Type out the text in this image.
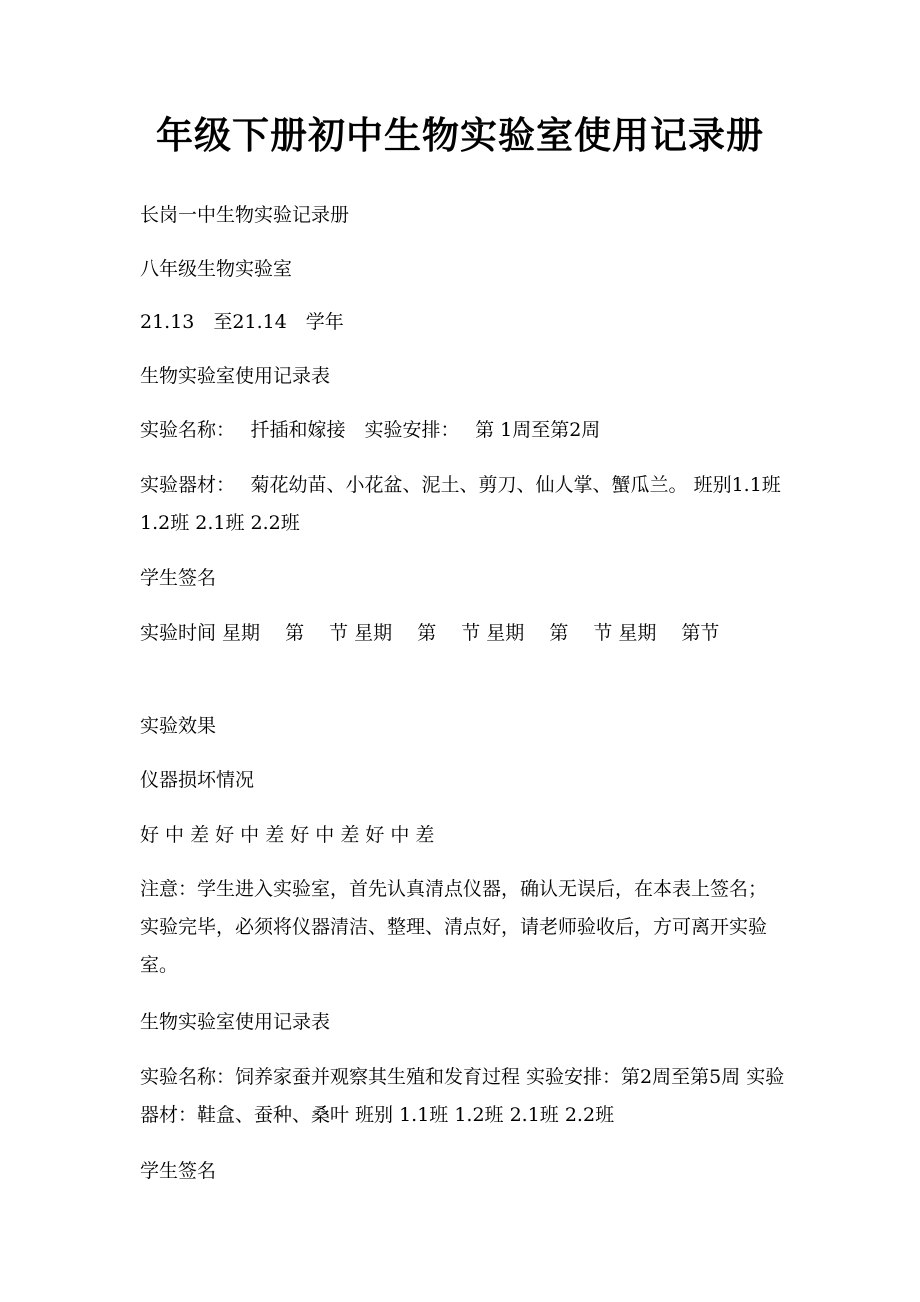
年级下册初中生物实验室使用记录册

长岗一中生物实验记录册

八年级生物实验室

21.13　至21.14　学年

生物实验室使用记录表

实验名称：　 扦插和嫁接　实验安排：　 第 1周至第2周

实验器材：　 菊花幼苗、小花盆、泥土、剪刀、仙人掌、蟹瓜兰。 班别1.1班 1.2班 2.1班 2.2班

学生签名

实验时间 星期　 第　 节 星期　 第　 节 星期　 第　 节 星期　 第节

实验效果

仪器损坏情况

好 中 差 好 中 差 好 中 差 好 中 差

注意：学生进入实验室，首先认真清点仪器，确认无误后，在本表上签名；实验完毕，必须将仪器清洁、整理、清点好，请老师验收后，方可离开实验室。

生物实验室使用记录表

实验名称：饲养家蚕并观察其生殖和发育过程 实验安排：第2周至第5周 实验器材：鞋盒、蚕种、桑叶 班别 1.1班 1.2班 2.1班 2.2班

学生签名
